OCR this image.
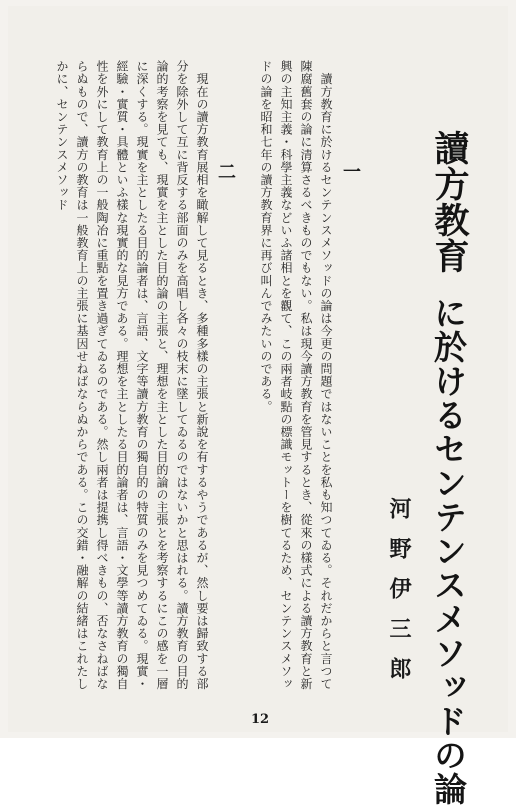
讀方教育
に於けるセンテンスメソッドの論
河野伊三郎
一
　讀方教育に於けるセンテンスメソッドの論は今更の問題ではないことを私も知つてゐる。それだからと言つて陳腐舊套の論に清算さるべきものでもない。私は現今讀方教育を管見するとき、從來の樣式による讀方教育と新興の主知主義・科學主義などいふ諸相とを觀て、この兩者岐點の標識モットーを樹てるため、センテンスメソッドの論を昭和七年の讀方教育界に再び叫んでみたいのである。
二
　現在の讀方教育展相を瞰解して見るとき、多種多樣の主張と新說を有するやうであるが、然し要は歸致する部分を除外して互に背反する部面のみを高唱し各々の枝末に墜してゐるのではないかと思はれる。讀方教育の目的論的考察を見ても、現實を主とした目的論の主張と、理想を主とした目的論の主張とを考察するにこの感を一層に深くする。現實を主としたる目的論者は、言語、文字等讀方教育の獨自的の特質のみを見つめてゐる。現實・經驗・實質・具體といふ樣な現實的な見方である。理想を主としたる目的論者は、言語・文學等讀方教育の獨自性を外にして教育上の一般陶冶に重點を置き過ぎてゐるのである。然し兩者は提携し得べきもの、否なさねばならぬもので、讀方の教育は一般教育上の主張に基因せねばならぬからである。この交錯・融解の結緒はこれたしかに、センテンスメソッド
12
